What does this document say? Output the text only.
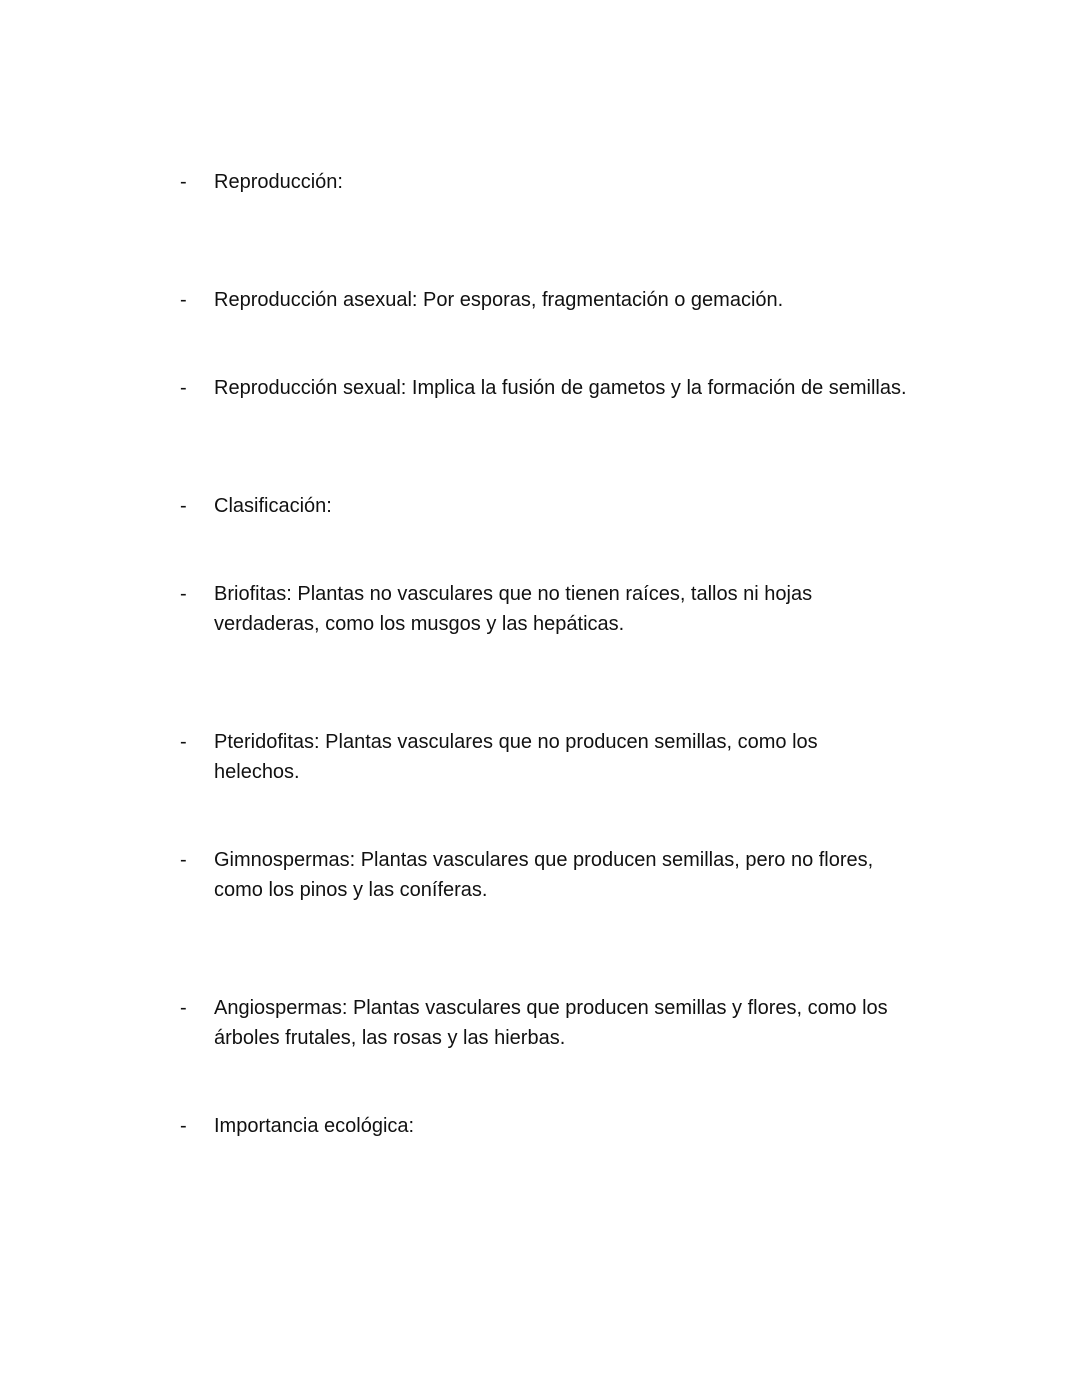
-	Reproducción:
-	Reproducción asexual: Por esporas, fragmentación o gemación.
-	Reproducción sexual: Implica la fusión de gametos y la formación de semillas.
-	Clasificación:
-	Briofitas: Plantas no vasculares que no tienen raíces, tallos ni hojas verdaderas, como los musgos y las hepáticas.
-	Pteridofitas: Plantas vasculares que no producen semillas, como los helechos.
-	Gimnospermas: Plantas vasculares que producen semillas, pero no flores, como los pinos y las coníferas.
-	Angiospermas: Plantas vasculares que producen semillas y flores, como los árboles frutales, las rosas y las hierbas.
-	Importancia ecológica:
